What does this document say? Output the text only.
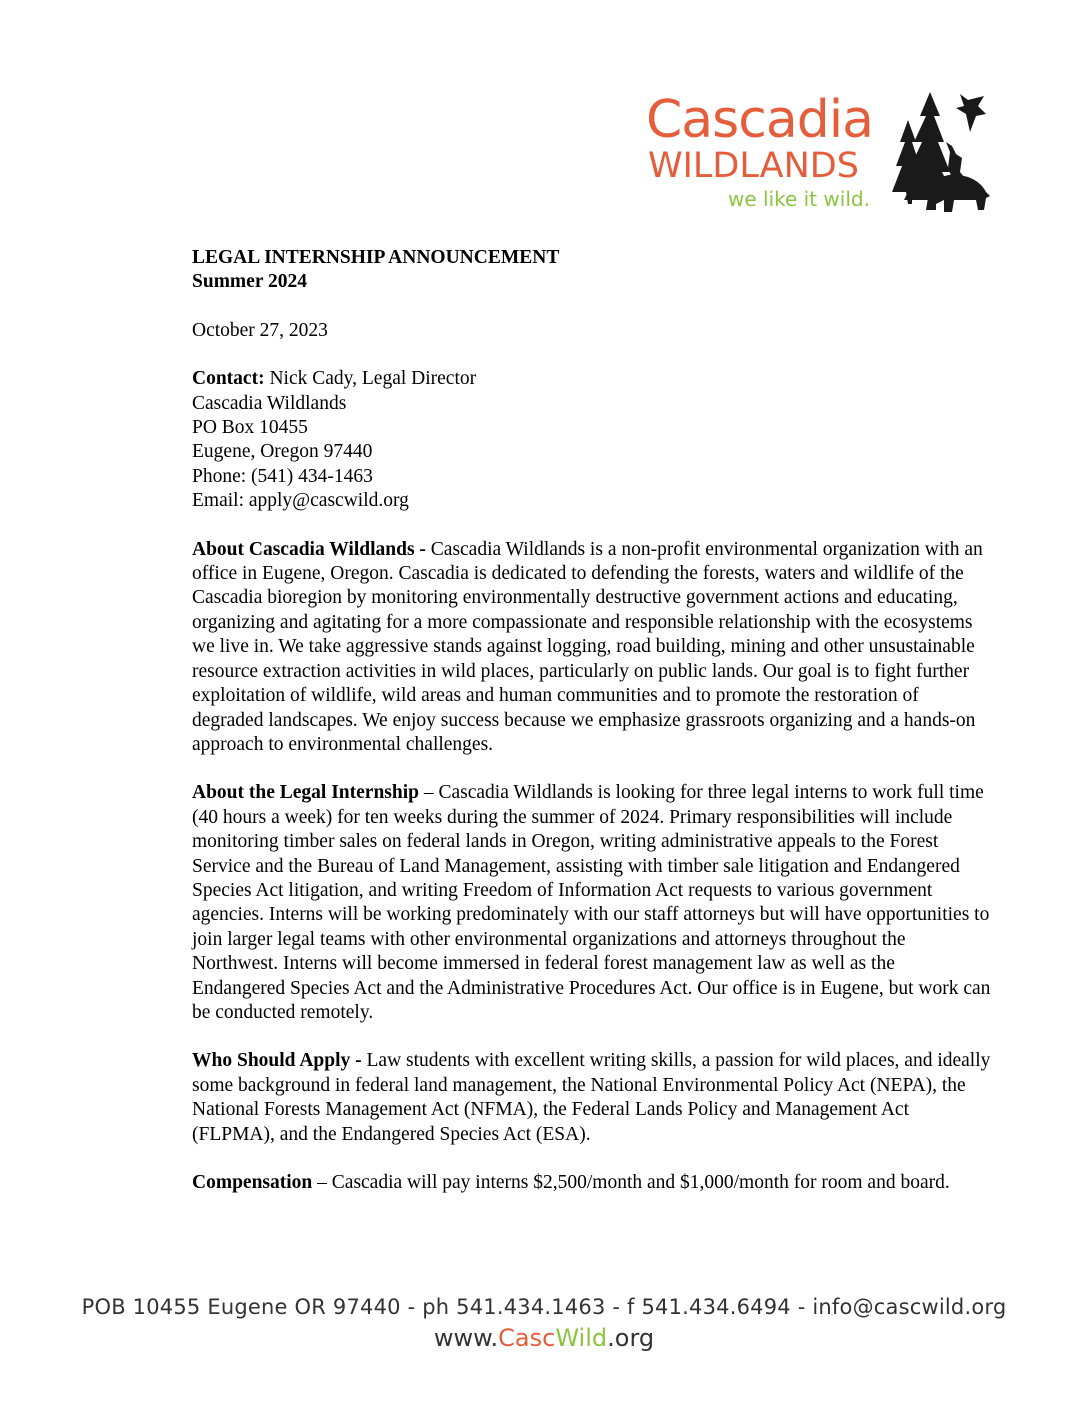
Cascadia
WILDLANDS
we like it wild.

LEGAL INTERNSHIP ANNOUNCEMENT

Summer 2024

October 27, 2023

Contact: Nick Cady, Legal Director

Cascadia Wildlands

PO Box 10455

Eugene, Oregon 97440

Phone: (541) 434-1463

Email: apply@cascwild.org

About Cascadia Wildlands - Cascadia Wildlands is a non-profit environmental organization with an office in Eugene, Oregon. Cascadia is dedicated to defending the forests, waters and wildlife of the Cascadia bioregion by monitoring environmentally destructive government actions and educating, organizing and agitating for a more compassionate and responsible relationship with the ecosystems we live in. We take aggressive stands against logging, road building, mining and other unsustainable resource extraction activities in wild places, particularly on public lands. Our goal is to fight further exploitation of wildlife, wild areas and human communities and to promote the restoration of degraded landscapes. We enjoy success because we emphasize grassroots organizing and a hands-on approach to environmental challenges.

About the Legal Internship – Cascadia Wildlands is looking for three legal interns to work full time (40 hours a week) for ten weeks during the summer of 2024. Primary responsibilities will include monitoring timber sales on federal lands in Oregon, writing administrative appeals to the Forest Service and the Bureau of Land Management, assisting with timber sale litigation and Endangered Species Act litigation, and writing Freedom of Information Act requests to various government agencies. Interns will be working predominately with our staff attorneys but will have opportunities to join larger legal teams with other environmental organizations and attorneys throughout the Northwest. Interns will become immersed in federal forest management law as well as the Endangered Species Act and the Administrative Procedures Act. Our office is in Eugene, but work can be conducted remotely.

Who Should Apply - Law students with excellent writing skills, a passion for wild places, and ideally some background in federal land management, the National Environmental Policy Act (NEPA), the National Forests Management Act (NFMA), the Federal Lands Policy and Management Act (FLPMA), and the Endangered Species Act (ESA).

Compensation – Cascadia will pay interns $2,500/month and $1,000/month for room and board.

POB 10455 Eugene OR 97440 - ph 541.434.1463 - f 541.434.6494 - info@cascwild.org
www.CascWild.org
